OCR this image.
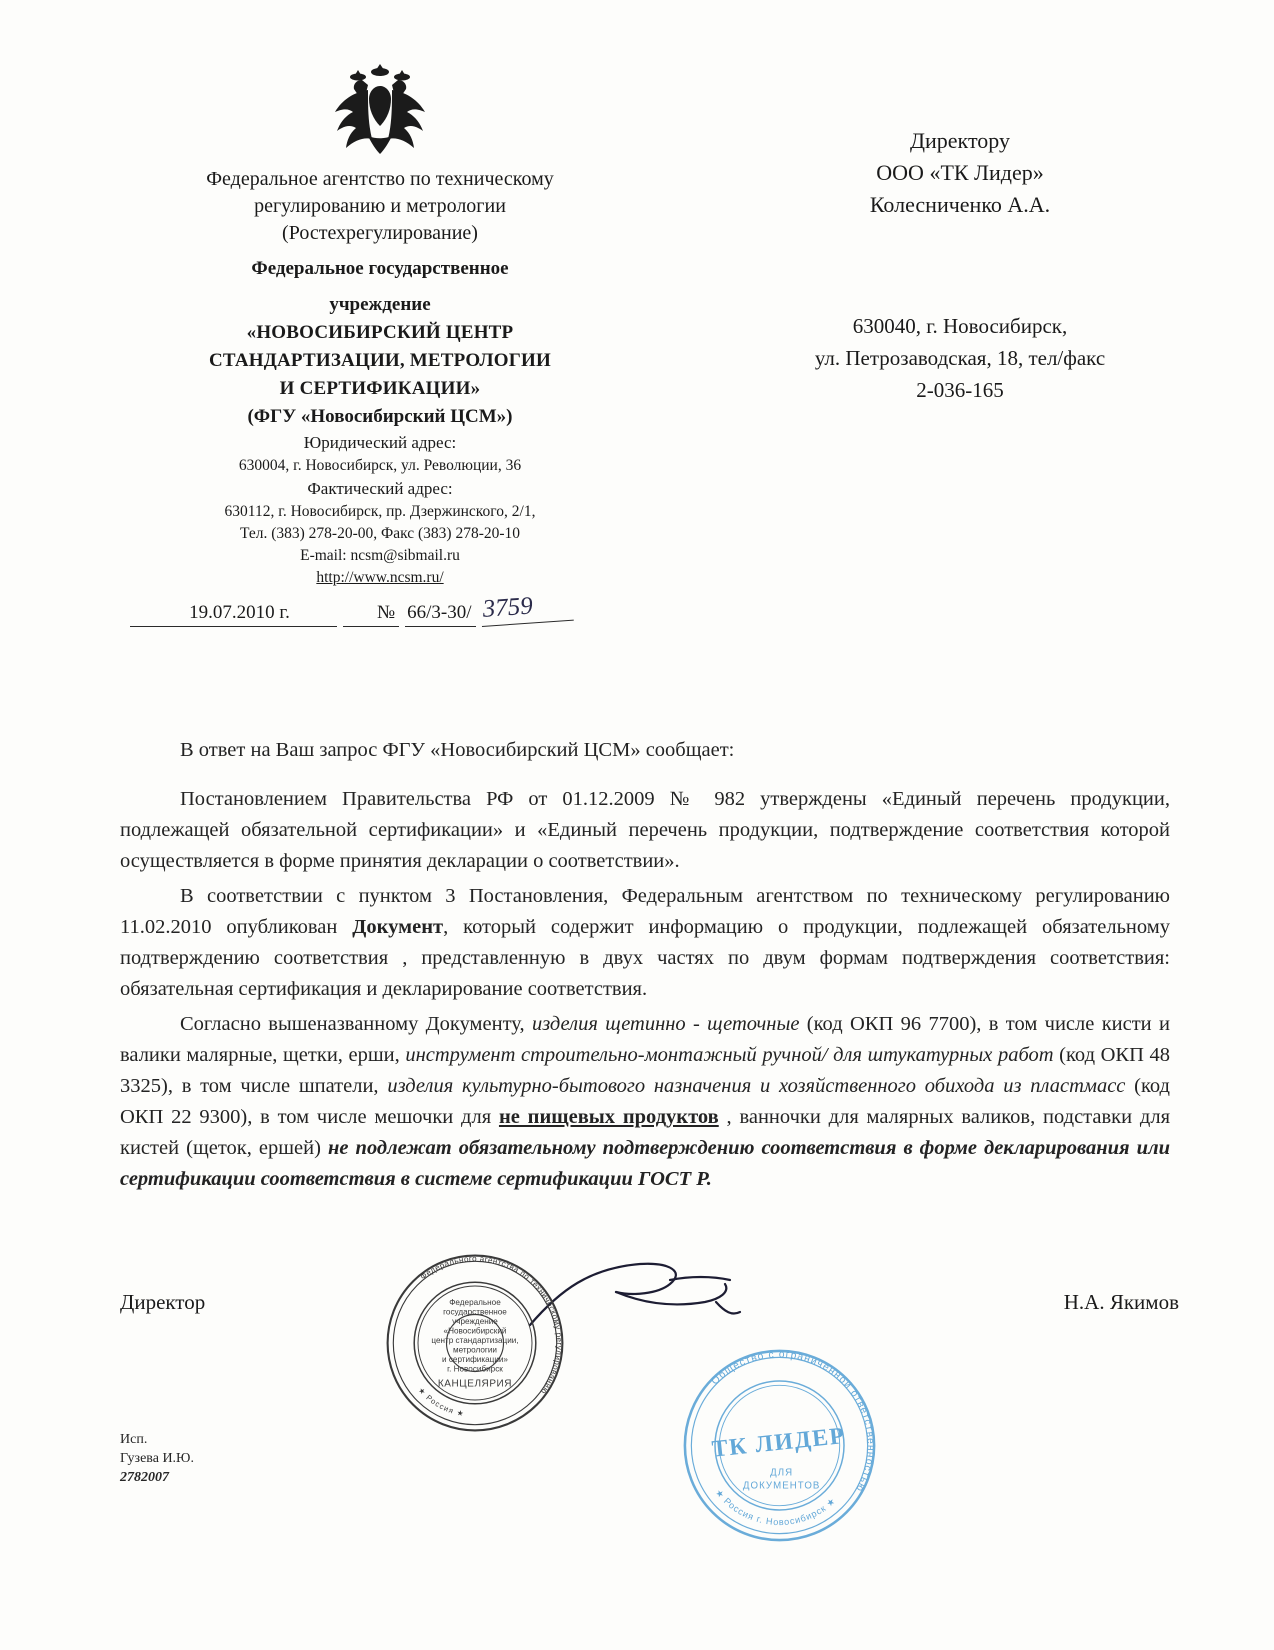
Федеральное агентство по техническому
регулированию и метрологии
(Ростехрегулирование)
Федеральное государственное
учреждение
«НОВОСИБИРСКИЙ ЦЕНТР
СТАНДАРТИЗАЦИИ, МЕТРОЛОГИИ
И СЕРТИФИКАЦИИ»
(ФГУ «Новосибирский ЦСМ»)
Юридический адрес:
630004, г. Новосибирск, ул. Революции, 36
Фактический адрес:
630112, г. Новосибирск, пр. Дзержинского, 2/1,
Тел. (383) 278-20-00, Факс (383) 278-20-10
E-mail: ncsm@sibmail.ru
http://www.ncsm.ru/
Директору
ООО «ТК Лидер»
Колесниченко А.А.
630040, г. Новосибирск,
ул. Петрозаводская, 18, тел/факс
2-036-165
19.07.2010 г.	№ 66/3-30/ 3759

В ответ на Ваш запрос ФГУ «Новосибирский ЦСМ» сообщает:

Постановлением Правительства РФ от 01.12.2009 № 982 утверждены «Единый перечень продукции, подлежащей обязательной сертификации» и «Единый перечень продукции, подтверждение соответствия которой осуществляется в форме принятия декларации о соответствии».

В соответствии с пунктом 3 Постановления, Федеральным агентством по техническому регулированию 11.02.2010 опубликован Документ, который содержит информацию о продукции, подлежащей обязательному подтверждению соответствия , представленную в двух частях по двум формам подтверждения соответствия: обязательная сертификация и декларирование соответствия.

Согласно вышеназванному Документу, изделия щетинно - щеточные (код ОКП 96 7700), в том числе кисти и валики малярные, щетки, ерши, инструмент строительно-монтажный ручной/ для штукатурных работ (код ОКП 48 3325), в том числе шпатели, изделия культурно-бытового назначения и хозяйственного обихода из пластмасс (код ОКП 22 9300), в том числе мешочки для не пищевых продуктов , ванночки для малярных валиков, подставки для кистей (щеток, ершей) не подлежат обязательному подтверждению соответствия в форме декларирования или сертификации соответствия в системе сертификации ГОСТ Р.

Директор	Н.А. Якимов
Федерального агентства по техническому регулированию
★ Россия ★
Федеральное
государственное
учреждение
«Новосибирский
центр стандартизации,
метрологии
и сертификации»
г. Новосибирск
КАНЦЕЛЯРИЯ	Общество с ограниченной ответственностью
★ Россия г. Новосибирск ★
ТК ЛИДЕР
ДЛЯ
ДОКУМЕНТОВ
Исп.
Гузева И.Ю.
2782007
